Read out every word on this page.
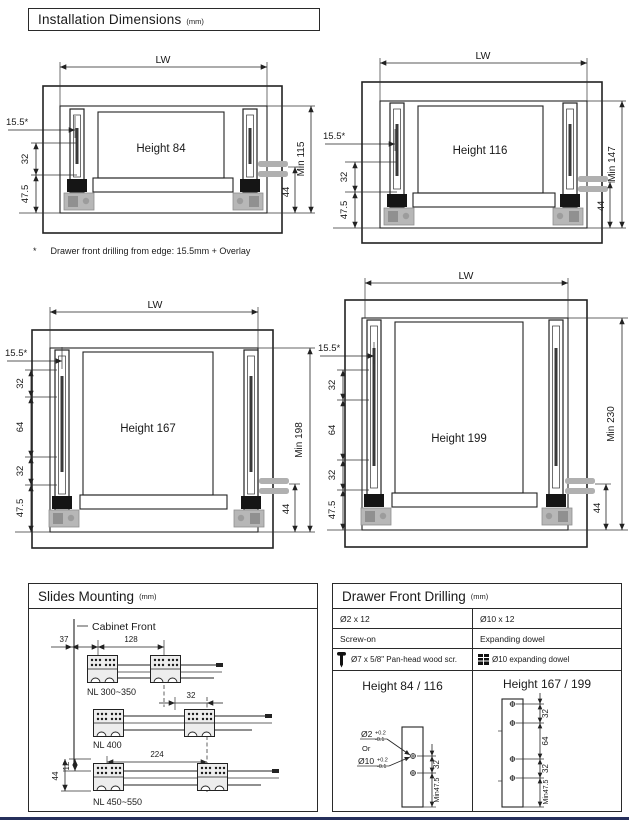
Installation Dimensions (mm)
Height 84
LW
15.5*
32
47.5	44
Min 115	Height 116
LW
15.5*
32
47.5	44
Min 147
* Drawer front drilling from edge: 15.5mm + Overlay
Height 167
LW
15.5*
32
64
32
47.5	44
Min 198	Height 199
LW
15.5*
32
64
32
47.5	44
Min 230
Slides Mounting (mm)
Cabinet Front
37	128
NL 300~350	32
NL 400
224
12
44
NL 450~550
Drawer Front Drilling (mm)
Ø2 x 12	Ø10 x 12
Screw-on	Expanding dowel
Ø7 x 5/8" Pan-head wood scr.	Ø10 expanding dowel
Height 84 / 116
Ø2 +0.2
-0.1
Or
Ø10 +0.2
-0.1	32
Min47.5
Height 167 / 199
32
64
32
Min47.5
